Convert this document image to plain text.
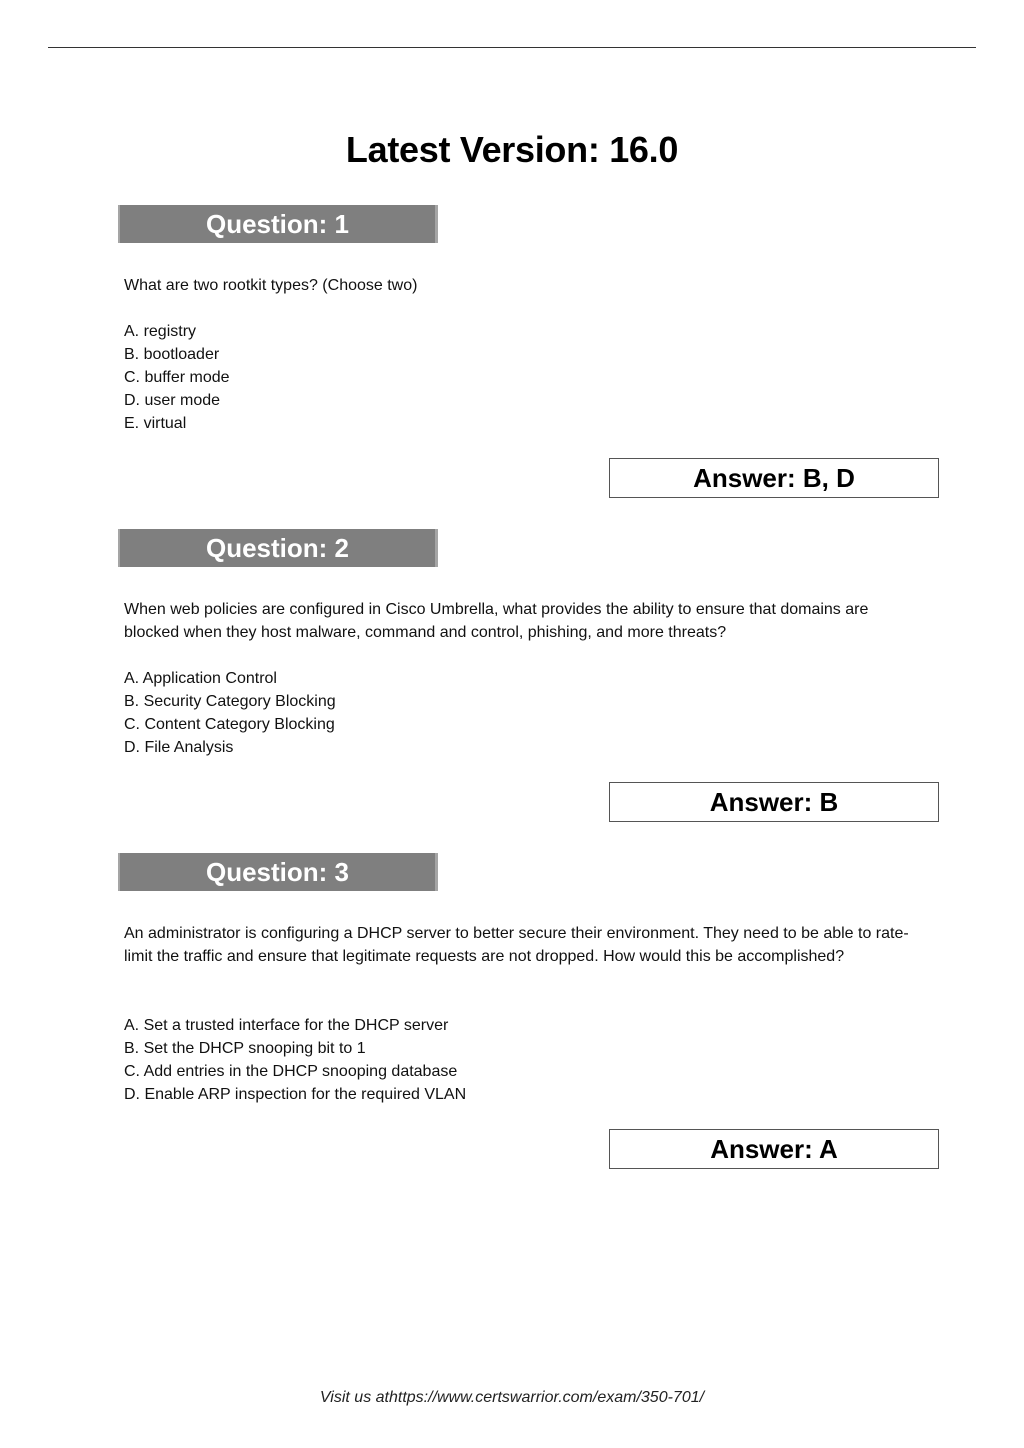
Latest Version: 16.0
Question: 1
What are two rootkit types? (Choose two)
A. registry
B. bootloader
C. buffer mode
D. user mode
E. virtual
Answer: B, D
Question: 2
When web policies are configured in Cisco Umbrella, what provides the ability to ensure that domains are blocked when they host malware, command and control, phishing, and more threats?
A. Application Control
B. Security Category Blocking
C. Content Category Blocking
D. File Analysis
Answer: B
Question: 3
An administrator is configuring a DHCP server to better secure their environment. They need to be able to rate-limit the traffic and ensure that legitimate requests are not dropped. How would this be accomplished?
A. Set a trusted interface for the DHCP server
B. Set the DHCP snooping bit to 1
C. Add entries in the DHCP snooping database
D. Enable ARP inspection for the required VLAN
Answer: A
Visit us athttps://www.certswarrior.com/exam/350-701/
